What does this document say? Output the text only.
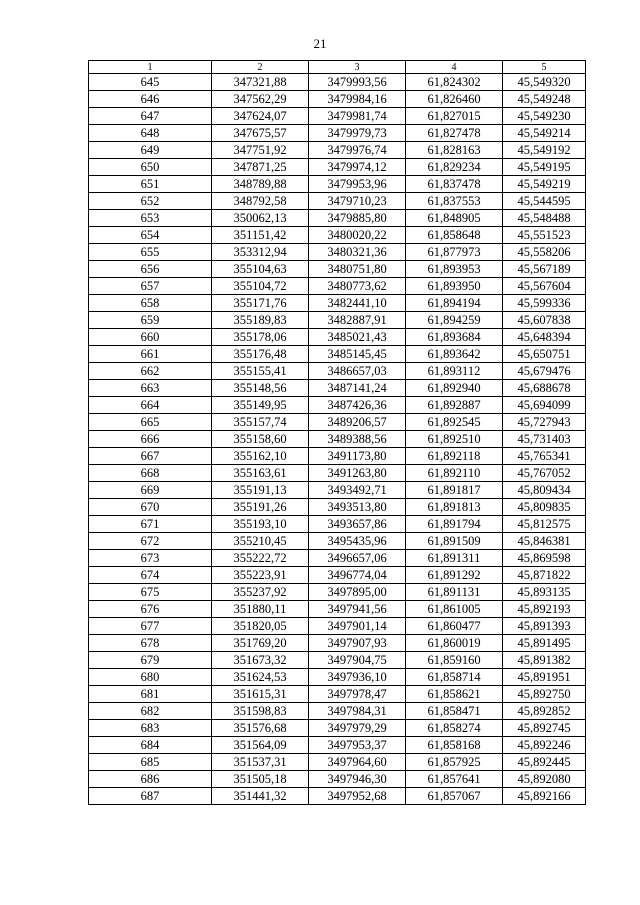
21
1	2	3	4	5
645	347321,88	3479993,56	61,824302	45,549320
646	347562,29	3479984,16	61,826460	45,549248
647	347624,07	3479981,74	61,827015	45,549230
648	347675,57	3479979,73	61,827478	45,549214
649	347751,92	3479976,74	61,828163	45,549192
650	347871,25	3479974,12	61,829234	45,549195
651	348789,88	3479953,96	61,837478	45,549219
652	348792,58	3479710,23	61,837553	45,544595
653	350062,13	3479885,80	61,848905	45,548488
654	351151,42	3480020,22	61,858648	45,551523
655	353312,94	3480321,36	61,877973	45,558206
656	355104,63	3480751,80	61,893953	45,567189
657	355104,72	3480773,62	61,893950	45,567604
658	355171,76	3482441,10	61,894194	45,599336
659	355189,83	3482887,91	61,894259	45,607838
660	355178,06	3485021,43	61,893684	45,648394
661	355176,48	3485145,45	61,893642	45,650751
662	355155,41	3486657,03	61,893112	45,679476
663	355148,56	3487141,24	61,892940	45,688678
664	355149,95	3487426,36	61,892887	45,694099
665	355157,74	3489206,57	61,892545	45,727943
666	355158,60	3489388,56	61,892510	45,731403
667	355162,10	3491173,80	61,892118	45,765341
668	355163,61	3491263,80	61,892110	45,767052
669	355191,13	3493492,71	61,891817	45,809434
670	355191,26	3493513,80	61,891813	45,809835
671	355193,10	3493657,86	61,891794	45,812575
672	355210,45	3495435,96	61,891509	45,846381
673	355222,72	3496657,06	61,891311	45,869598
674	355223,91	3496774,04	61,891292	45,871822
675	355237,92	3497895,00	61,891131	45,893135
676	351880,11	3497941,56	61,861005	45,892193
677	351820,05	3497901,14	61,860477	45,891393
678	351769,20	3497907,93	61,860019	45,891495
679	351673,32	3497904,75	61,859160	45,891382
680	351624,53	3497936,10	61,858714	45,891951
681	351615,31	3497978,47	61,858621	45,892750
682	351598,83	3497984,31	61,858471	45,892852
683	351576,68	3497979,29	61,858274	45,892745
684	351564,09	3497953,37	61,858168	45,892246
685	351537,31	3497964,60	61,857925	45,892445
686	351505,18	3497946,30	61,857641	45,892080
687	351441,32	3497952,68	61,857067	45,892166
